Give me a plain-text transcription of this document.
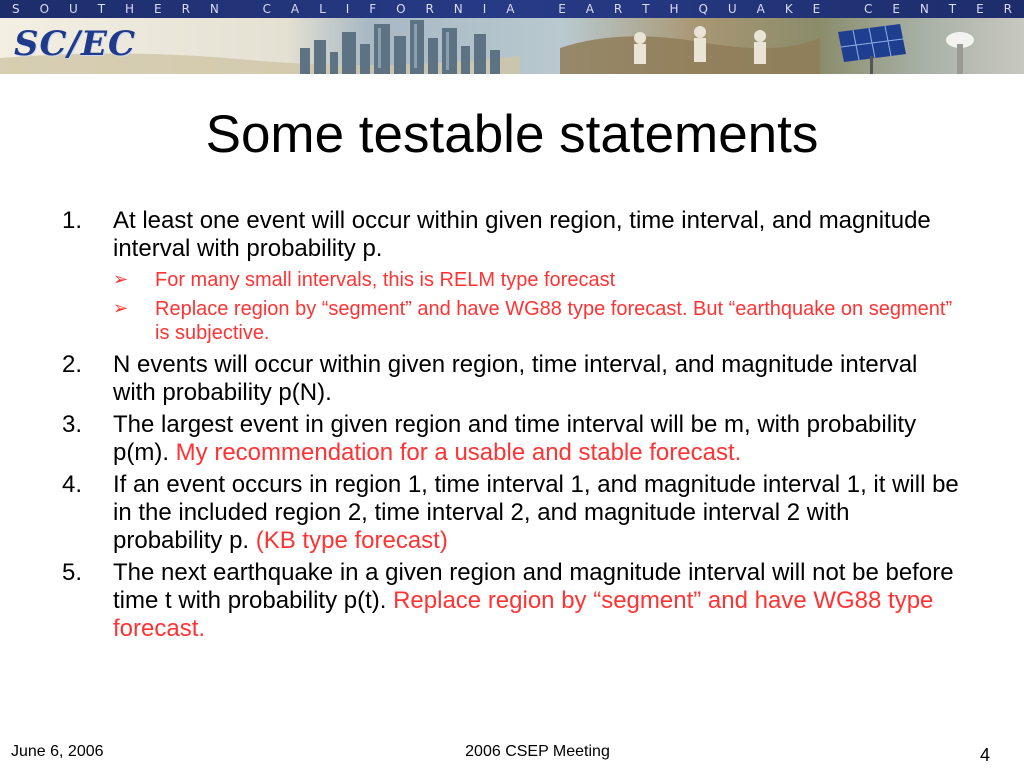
S O U T H E R N
	C A L I F O R N I A
	E A R T H Q U A K E
	C E N T E R
SC/EC
Some testable statements
1. At least one event will occur within given region, time interval, and magnitude interval with probability p.
➢ For many small intervals, this is RELM type forecast
➢ Replace region by “segment” and have WG88 type forecast. But “earthquake on segment” is subjective.
2. N events will occur within given region, time interval, and magnitude interval with probability p(N).
3. The largest event in given region and time interval will be m, with probability p(m). My recommendation for a usable and stable forecast.
4. If an event occurs in region 1, time interval 1, and magnitude interval 1, it will be in the included region 2, time interval 2, and magnitude interval 2 with probability p. (KB type forecast)
5. The next earthquake in a given region and magnitude interval will not be before time t with probability p(t). Replace region by “segment” and have WG88 type forecast.
June 6, 2006	2006 CSEP Meeting	4
